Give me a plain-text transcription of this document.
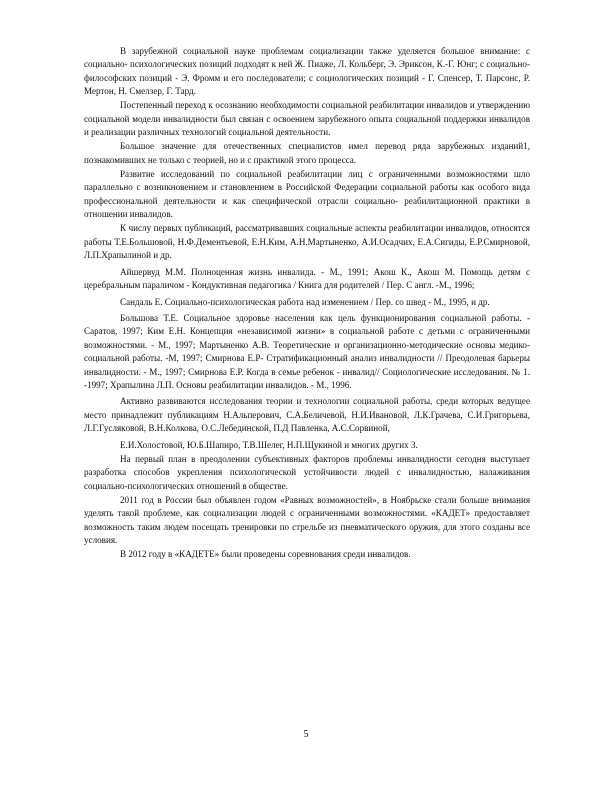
В зарубежной социальной науке проблемам социализации также уделяется большое внимание: с социально- психологических позиций подходят к ней Ж. Пиаже, Л. Кольберг, Э. Эриксон, К.-Г. Юнг; с социально-философских позиций - Э. Фромм и его последователи; с социологических позиций - Г. Спенсер, Т. Парсонс, Р. Мертон, Н. Смелзер, Г. Тард.

Постепенный переход к осознанию необходимости социальной реабилитации инвалидов и утверждению социальной модели инвалидности был связан с освоением зарубежного опыта социальной поддержки инвалидов и реализации различных технологий социальной деятельности.

Большое значение для отечественных специалистов имел перевод ряда зарубежных изданий1, познакомивших не только с теорией, но и с практикой этого процесса.

Развитие исследований по социальной реабилитации лиц с ограниченными возможностями шло параллельно с возникновением и становлением в Российской Федерации социальной работы как особого вида профессиональной деятельности и как специфической отрасли социально- реабилитационной практики в отношении инвалидов.

К числу первых публикаций, рассматривавших социальные аспекты реабилитации инвалидов, относятся работы Т.Е.Большовой, Н.Ф.Дементьевой, Е.Н.Ким, А.Н.Мартыненко, А.И.Осадчих, Е.А.Сигиды, Е.Р.Смирновой, Л.П.Храпылиной и др.

Айшервуд М.М. Полноценная жизнь инвалида. - М., 1991; Акош К., Акош М. Помощь детям с церебральным параличом - Кондуктивная педагогика / Книга для родителей / Пер. С англ. -М., 1996;

Сандаль Е. Социально-психологическая работа над изменением / Пер. со швед - М., 1995, и др.

Большова Т.Е. Социальное здоровье населения как цель функционирования социальной работы. - Саратов, 1997; Ким Е.Н. Концепция «независимой жизни» в социальной работе с детьми с ограниченными возможностями. - М., 1997; Мартыненко А.В. Теоретические и организационно-методические основы медико- социальной работы. -М, 1997; Смирнова Е.Р- Стратификационный анализ инвалидности // Преодолевая барьеры инвалидности. - М., 1997; Смирнова Е.Р. Когда в семье ребенок - инвалид// Социологические исследования. № 1. -1997; Храпылина Л.П. Основы реабилитации инвалидов. - М., 1996.

Активно развиваются исследования теории и технологии социальной работы, среди которых ведущее место принадлежит публикациям Н.Альперович, С.А.Беличевой, Н.И.Ивановой, Л.К.Грачева, С.И.Григорьева, Л.Г.Гуслякoвой, В.Н.Колкова, О.С.Лебединской, П.Д Павленка, А.С.Сорвиной,

Е.И.Холостовой, Ю.Б.Шапиро, Т.В.Шелег, Н.П.Щукиной и многих других 3.

На первый план в преодолении субъективных факторов проблемы инвалидности сегодня выступает разработка способов укрепления психологической устойчивости людей с инвалидностью, налаживания социально-психологических отношений в обществе.

2011 год в России был объявлен годом «Равных возможностей», в Ноябрьске стали больше внимания уделять такой проблеме, как социализации людей с ограниченными возможностями. «КАДЕТ» предоставляет возможность таким людем посещать тренировки по стрельбе из пневматического оружия, для этого созданы все условия.

В 2012 году в «КАДЕТЕ» были проведены соревнования среди инвалидов.

5
